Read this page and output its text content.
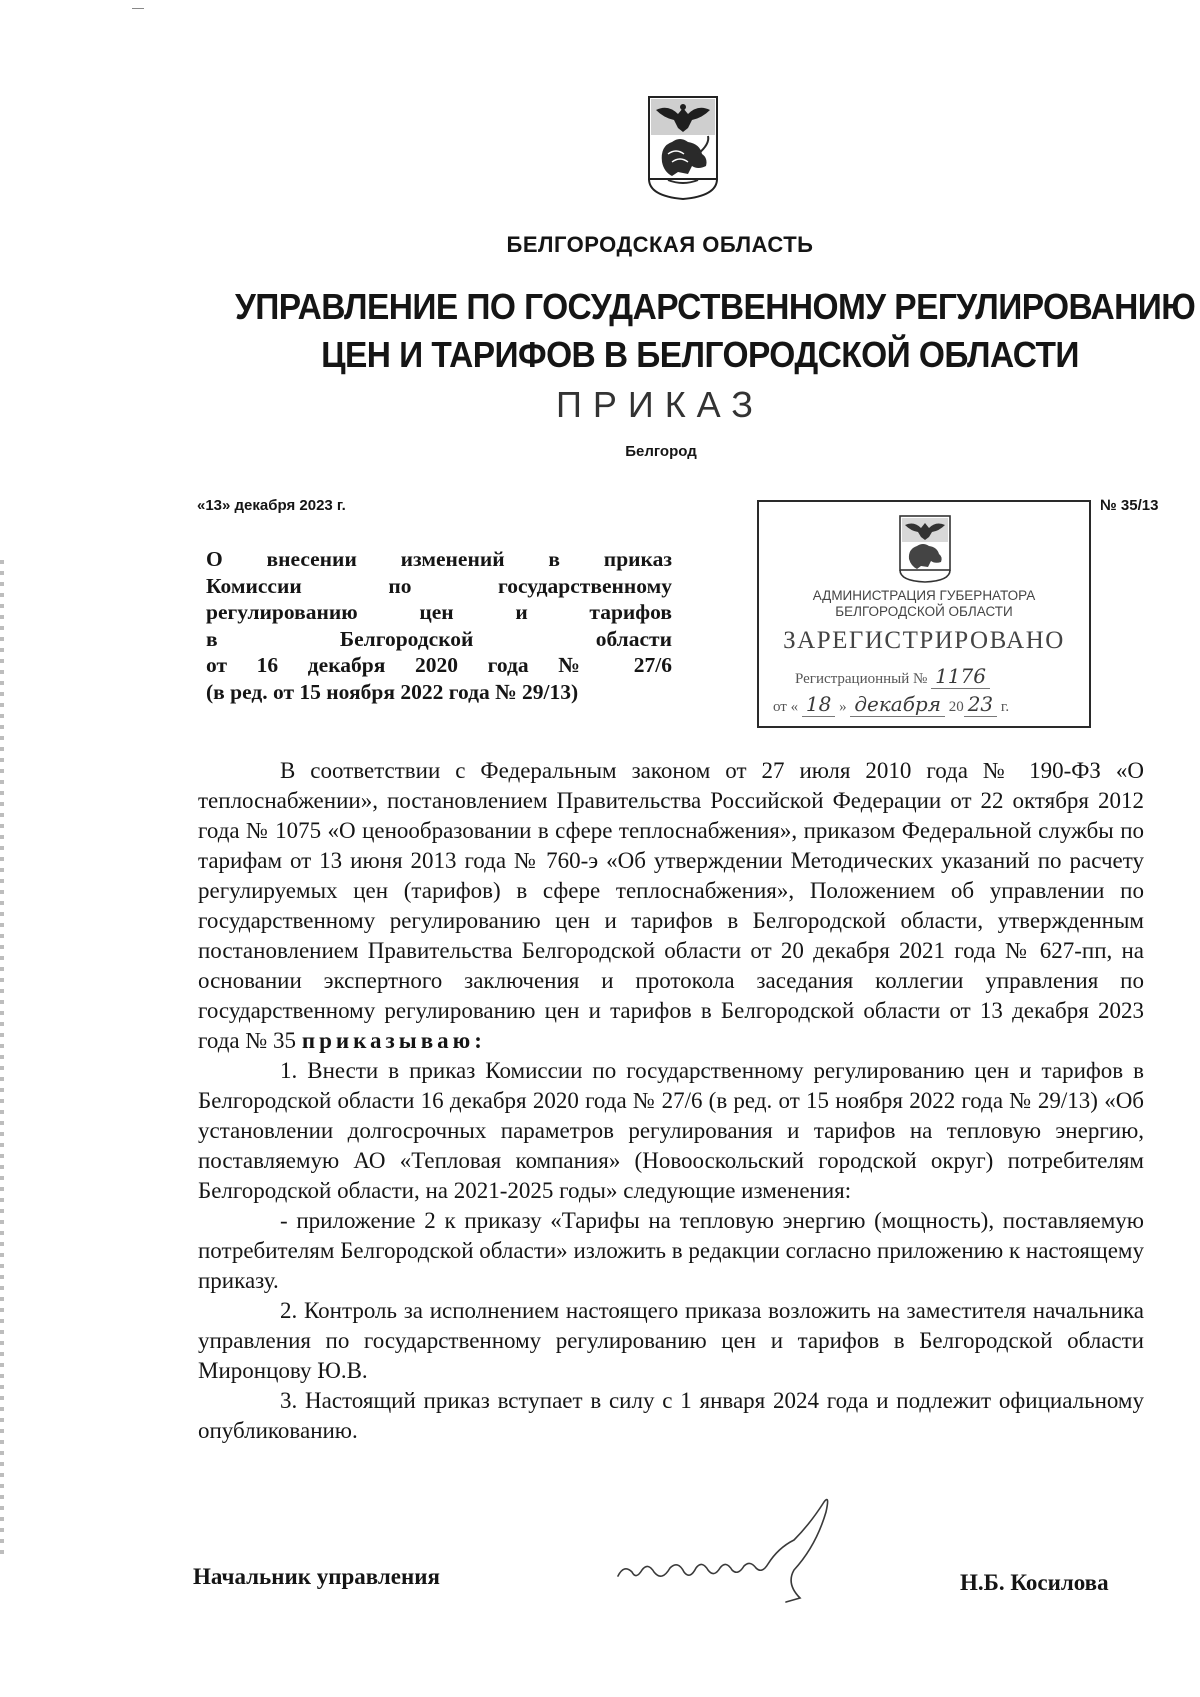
БЕЛГОРОДСКАЯ ОБЛАСТЬ
УПРАВЛЕНИЕ ПО ГОСУДАРСТВЕННОМУ РЕГУЛИРОВАНИЮ
ЦЕН И ТАРИФОВ В БЕЛГОРОДСКОЙ ОБЛАСТИ
ПРИКАЗ
Белгород
«13» декабря 2023 г.	№ 35/13
О внесении изменений в приказ
Комиссии по государственному
регулированию цен и тарифов
в Белгородской области
от 16 декабря 2020 года № 27/6
(в ред. от 15 ноября 2022 года № 29/13)
АДМИНИСТРАЦИЯ ГУБЕРНАТОРА
БЕЛГОРОДСКОЙ ОБЛАСТИ
ЗАРЕГИСТРИРОВАНО
Регистрационный № 1176
от « 18 » декабря 20 23 г.

В соответствии с Федеральным законом от 27 июля 2010 года № 190-ФЗ «О теплоснабжении», постановлением Правительства Российской Федерации от 22 октября 2012 года № 1075 «О ценообразовании в сфере теплоснабжения», приказом Федеральной службы по тарифам от 13 июня 2013 года № 760-э «Об утверждении Методических указаний по расчету регулируемых цен (тарифов) в сфере теплоснабжения», Положением об управлении по государственному регулированию цен и тарифов в Белгородской области, утвержденным постановлением Правительства Белгородской области от 20 декабря 2021 года № 627-пп, на основании экспертного заключения и протокола заседания коллегии управления по государственному регулированию цен и тарифов в Белгородской области от 13 декабря 2023 года № 35 приказываю:

1. Внести в приказ Комиссии по государственному регулированию цен и тарифов в Белгородской области 16 декабря 2020 года № 27/6 (в ред. от 15 ноября 2022 года № 29/13) «Об установлении долгосрочных параметров регулирования и тарифов на тепловую энергию, поставляемую АО «Тепловая компания» (Новооскольский городской округ) потребителям Белгородской области, на 2021-2025 годы» следующие изменения:

- приложение 2 к приказу «Тарифы на тепловую энергию (мощность), поставляемую потребителям Белгородской области» изложить в редакции согласно приложению к настоящему приказу.

2. Контроль за исполнением настоящего приказа возложить на заместителя начальника управления по государственному регулированию цен и тарифов в Белгородской области Миронцову Ю.В.

3. Настоящий приказ вступает в силу с 1 января 2024 года и подлежит официальному опубликованию.

Начальник управления	Н.Б. Косилова
